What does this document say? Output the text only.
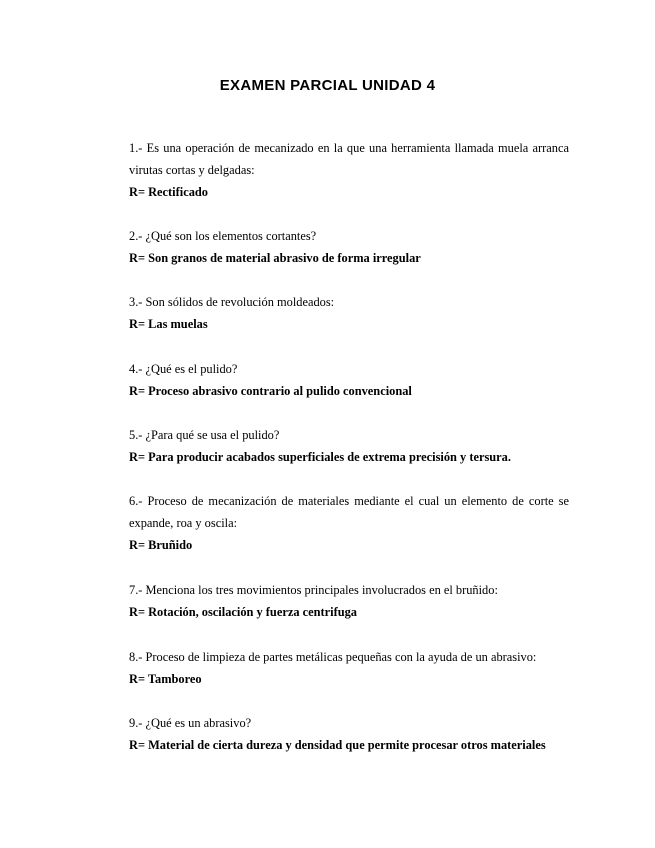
EXAMEN PARCIAL UNIDAD 4
1.- Es una operación de mecanizado en la que una herramienta llamada muela arranca virutas cortas y delgadas:
R= Rectificado
2.- ¿Qué son los elementos cortantes?
R= Son granos de material abrasivo de forma irregular
3.- Son sólidos de revolución moldeados:
R= Las muelas
4.- ¿Qué es el pulido?
R= Proceso abrasivo contrario al pulido convencional
5.- ¿Para qué se usa el pulido?
R= Para producir acabados superficiales de extrema precisión y tersura.
6.- Proceso de mecanización de materiales mediante el cual un elemento de corte se expande, roa y oscila:
R= Bruñido
7.- Menciona los tres movimientos principales involucrados en el bruñido:
R= Rotación, oscilación y fuerza centrifuga
8.- Proceso de limpieza de partes metálicas pequeñas con la ayuda de un abrasivo:
R= Tamboreo
9.- ¿Qué es un abrasivo?
R= Material de cierta dureza y densidad que permite procesar otros materiales
